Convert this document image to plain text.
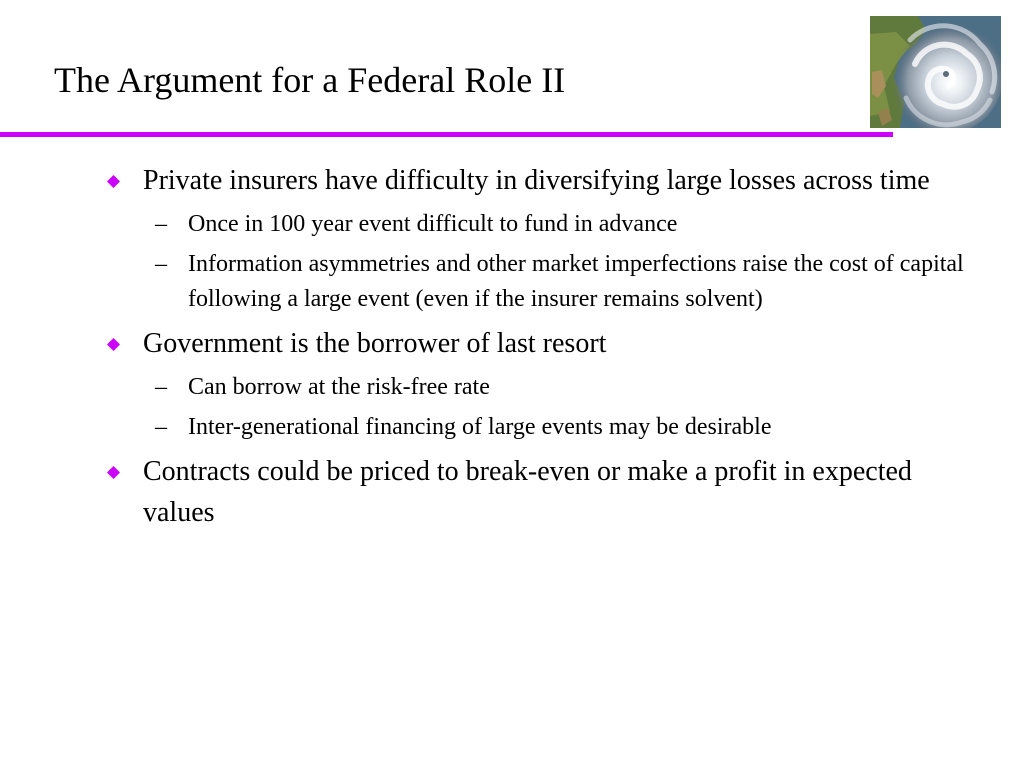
The Argument for a Federal Role II
Private insurers have difficulty in diversifying large losses across time
– Once in 100 year event difficult to fund in advance
– Information asymmetries and other market imperfections raise the cost of capital following a large event (even if the insurer remains solvent)
Government is the borrower of last resort
– Can borrow at the risk-free rate
– Inter-generational financing of large events may be desirable
Contracts could be priced to break-even or make a profit in expected values
